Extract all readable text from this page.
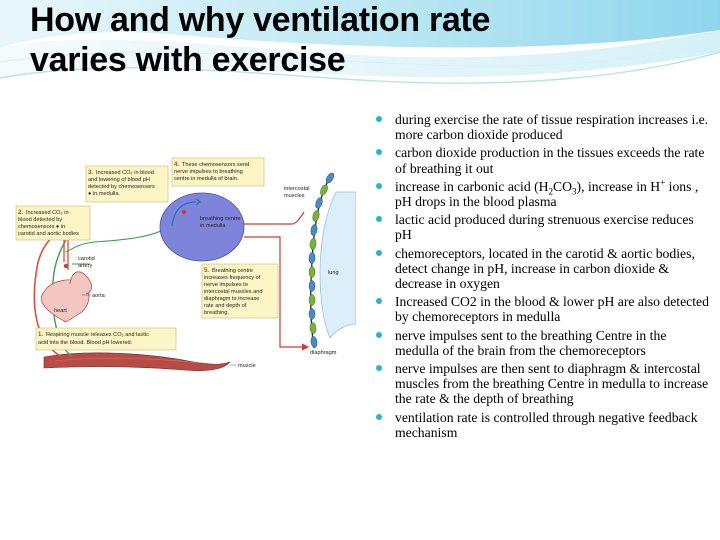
How and why ventilation rate
varies with exercise
breathing centre in medulla
intercostal muscles
lung
carotid artery
aorta
heart
diaphragm
muscle
2. Increased CO₂ in blood detected by chemosensors ● in carotid and aortic bodies
3. Increased CO₂ in blood and lowering of blood pH detected by chemosensors ● in medulla.
4. These chemosensors send nerve impulses to breathing centre in medulla of brain.
5. Breathing centre increases frequency of nerve impulses to intercostal muscles and diaphragm to increase rate and depth of breathing.
1. Respiring muscle releases CO₂ and lactic acid into the blood. Blood pH lowered.
during exercise the rate of tissue respiration increases i.e. more carbon dioxide produced
carbon dioxide production in the tissues exceeds the rate of breathing it out
increase in carbonic acid $(H_2CO_3)$, increase in H+ ions , pH drops in the blood plasma
lactic acid produced during strenuous exercise reduces pH
chemoreceptors, located in the carotid & aortic bodies, detect change in pH, increase in carbon dioxide & decrease in oxygen
Increased CO2 in the blood & lower pH are also detected by chemoreceptors in medulla
nerve impulses sent to the breathing Centre in the medulla of the brain from the chemoreceptors
nerve impulses are then sent to diaphragm & intercostal muscles from the breathing Centre in medulla to increase the rate & the depth of breathing
ventilation rate is controlled through negative feedback mechanism
